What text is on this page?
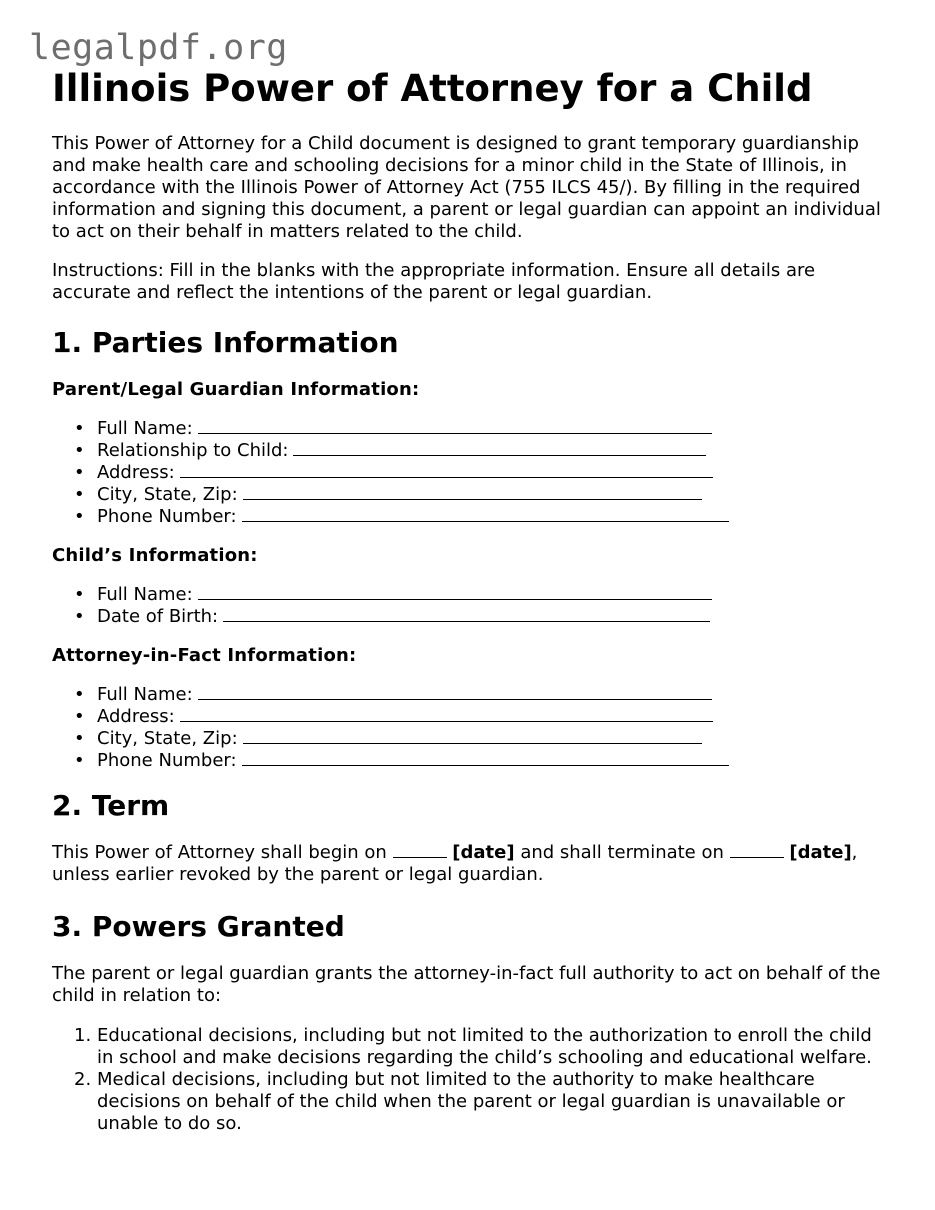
legalpdf.org
Illinois Power of Attorney for a Child

This Power of Attorney for a Child document is designed to grant temporary guardianship and make health care and schooling decisions for a minor child in the State of Illinois, in accordance with the Illinois Power of Attorney Act (755 ILCS 45/). By filling in the required information and signing this document, a parent or legal guardian can appoint an individual to act on their behalf in matters related to the child.

Instructions: Fill in the blanks with the appropriate information. Ensure all details are accurate and reflect the intentions of the parent or legal guardian.

1. Parties Information
Parent/Legal Guardian Information:
• Full Name:
• Relationship to Child:
• Address:
• City, State, Zip:
• Phone Number:
Child’s Information:
• Full Name:
• Date of Birth:
Attorney-in-Fact Information:
• Full Name:
• Address:
• City, State, Zip:
• Phone Number:
2. Term

This Power of Attorney shall begin on	[date] and shall terminate on	[date],
unless earlier revoked by the parent or legal guardian.

3. Powers Granted

The parent or legal guardian grants the attorney-in-fact full authority to act on behalf of the child in relation to:

1. Educational decisions, including but not limited to the authorization to enroll the child in school and make decisions regarding the child’s schooling and educational welfare.
2. Medical decisions, including but not limited to the authority to make healthcare decisions on behalf of the child when the parent or legal guardian is unavailable or unable to do so.
